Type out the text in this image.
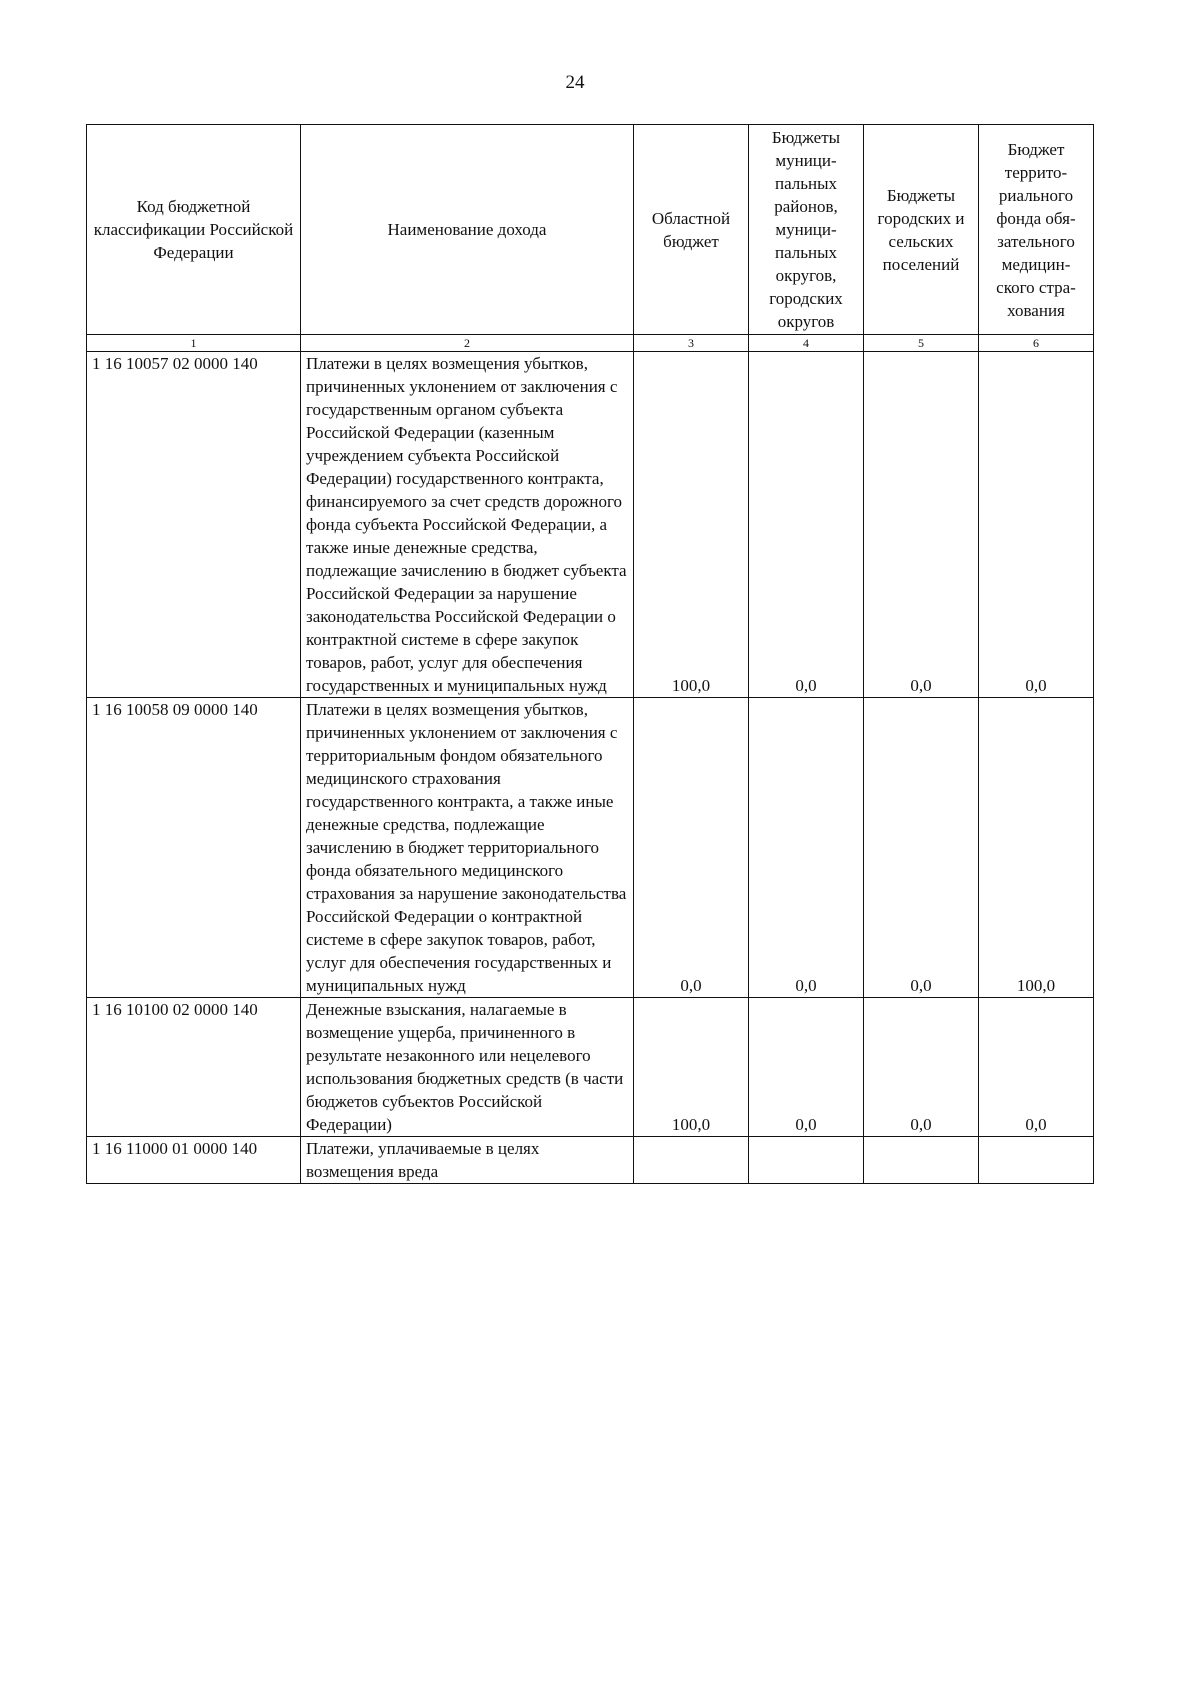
24
Код бюджетной классификации Российской Федерации	Наименование дохода	Областной бюджет	Бюджеты муници-пальных районов, муници-пальных округов, городских округов	Бюджеты городских и сельских поселений	Бюджет террито-риального фонда обя-зательного медицин-ского стра-хования
1	2	3	4	5	6
1 16 10057 02 0000 140	Платежи в целях возмещения убытков, причиненных уклонением от заключения с государственным органом субъекта Российской Федерации (казенным учреждением субъекта Российской Федерации) государственного контракта, финансируемого за счет средств дорожного фонда субъекта Российской Федерации, а также иные денежные средства, подлежащие зачислению в бюджет субъекта Российской Федерации за нарушение законодательства Российской Федерации о контрактной системе в сфере закупок товаров, работ, услуг для обеспечения государственных и муниципальных нужд	100,0	0,0	0,0	0,0
1 16 10058 09 0000 140	Платежи в целях возмещения убытков, причиненных уклонением от заключения с территориальным фондом обязательного медицинского страхования государственного контракта, а также иные денежные средства, подлежащие зачислению в бюджет территориального фонда обязательного медицинского страхования за нарушение законодательства Российской Федерации о контрактной системе в сфере закупок товаров, работ, услуг для обеспечения государственных и муниципальных нужд	0,0	0,0	0,0	100,0
1 16 10100 02 0000 140	Денежные взыскания, налагаемые в возмещение ущерба, причиненного в результате незаконного или нецелевого использования бюджетных средств (в части бюджетов субъектов Российской Федерации)	100,0	0,0	0,0	0,0
1 16 11000 01 0000 140	Платежи, уплачиваемые в целях возмещения вреда				
